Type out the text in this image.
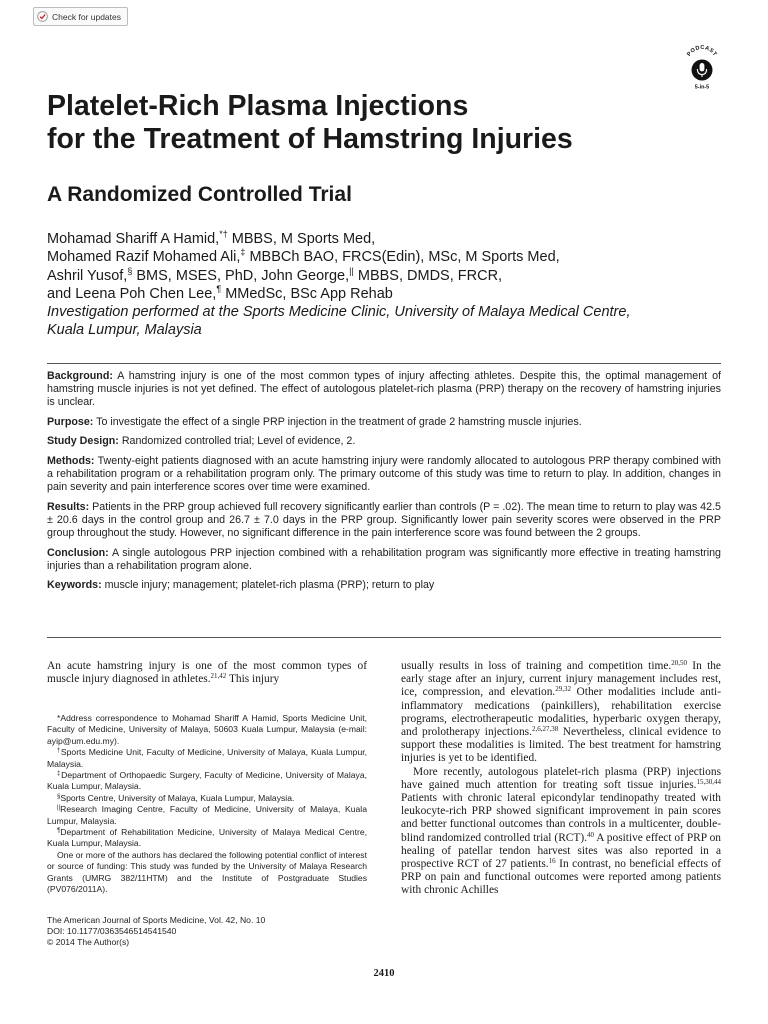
Check for updates
PODCAST
5-in-5
Platelet-Rich Plasma Injections
for the Treatment of Hamstring Injuries
A Randomized Controlled Trial
Mohamad Shariff A Hamid,*† MBBS, M Sports Med,
Mohamed Razif Mohamed Ali,‡ MBBCh BAO, FRCS(Edin), MSc, M Sports Med,
Ashril Yusof,§ BMS, MSES, PhD, John George,|| MBBS, DMDS, FRCR,
and Leena Poh Chen Lee,¶ MMedSc, BSc App Rehab
Investigation performed at the Sports Medicine Clinic, University of Malaya Medical Centre,
Kuala Lumpur, Malaysia

Background: A hamstring injury is one of the most common types of injury affecting athletes. Despite this, the optimal management of hamstring muscle injuries is not yet defined. The effect of autologous platelet-rich plasma (PRP) therapy on the recovery of hamstring injuries is unclear.

Purpose: To investigate the effect of a single PRP injection in the treatment of grade 2 hamstring muscle injuries.

Study Design: Randomized controlled trial; Level of evidence, 2.

Methods: Twenty-eight patients diagnosed with an acute hamstring injury were randomly allocated to autologous PRP therapy combined with a rehabilitation program or a rehabilitation program only. The primary outcome of this study was time to return to play. In addition, changes in pain severity and pain interference scores over time were examined.

Results: Patients in the PRP group achieved full recovery significantly earlier than controls (P = .02). The mean time to return to play was 42.5 ± 20.6 days in the control group and 26.7 ± 7.0 days in the PRP group. Significantly lower pain severity scores were observed in the PRP group throughout the study. However, no significant difference in the pain interference score was found between the 2 groups.

Conclusion: A single autologous PRP injection combined with a rehabilitation program was significantly more effective in treating hamstring injuries than a rehabilitation program alone.

Keywords: muscle injury; management; platelet-rich plasma (PRP); return to play

An acute hamstring injury is one of the most common types of muscle injury diagnosed in athletes.$^{21,42}$ This injury

*Address correspondence to Mohamad Shariff A Hamid, Sports Medicine Unit, Faculty of Medicine, University of Malaya, 50603 Kuala Lumpur, Malaysia (e-mail: ayip@um.edu.my).

†Sports Medicine Unit, Faculty of Medicine, University of Malaya, Kuala Lumpur, Malaysia.

‡Department of Orthopaedic Surgery, Faculty of Medicine, University of Malaya, Kuala Lumpur, Malaysia.

§Sports Centre, University of Malaya, Kuala Lumpur, Malaysia.

||Research Imaging Centre, Faculty of Medicine, University of Malaya, Kuala Lumpur, Malaysia.

¶Department of Rehabilitation Medicine, University of Malaya Medical Centre, Kuala Lumpur, Malaysia.

One or more of the authors has declared the following potential conflict of interest or source of funding: This study was funded by the University of Malaya Research Grants (UMRG 382/11HTM) and the Institute of Postgraduate Studies (PV076/2011A).

The American Journal of Sports Medicine, Vol. 42, No. 10
DOI: 10.1177/0363546514541540
© 2014 The Author(s)

usually results in loss of training and competition time.$^{20,50}$ In the early stage after an injury, current injury management includes rest, ice, compression, and elevation.$^{29,32}$ Other modalities include anti-inflammatory medications (painkillers), rehabilitation exercise programs, electrotherapeutic modalities, hyperbaric oxygen therapy, and prolotherapy injections.$^{2,6,27,38}$ Nevertheless, clinical evidence to support these modalities is limited. The best treatment for hamstring injuries is yet to be identified.

More recently, autologous platelet-rich plasma (PRP) injections have gained much attention for treating soft tissue injuries.$^{15,30,44}$ Patients with chronic lateral epicondylar tendinopathy treated with leukocyte-rich PRP showed significant improvement in pain scores and better functional outcomes than controls in a multicenter, double-blind randomized controlled trial (RCT).$^{40}$ A positive effect of PRP on healing of patellar tendon harvest sites was also reported in a prospective RCT of 27 patients.$^{16}$ In contrast, no beneficial effects of PRP on pain and functional outcomes were reported among patients with chronic Achilles

2410
